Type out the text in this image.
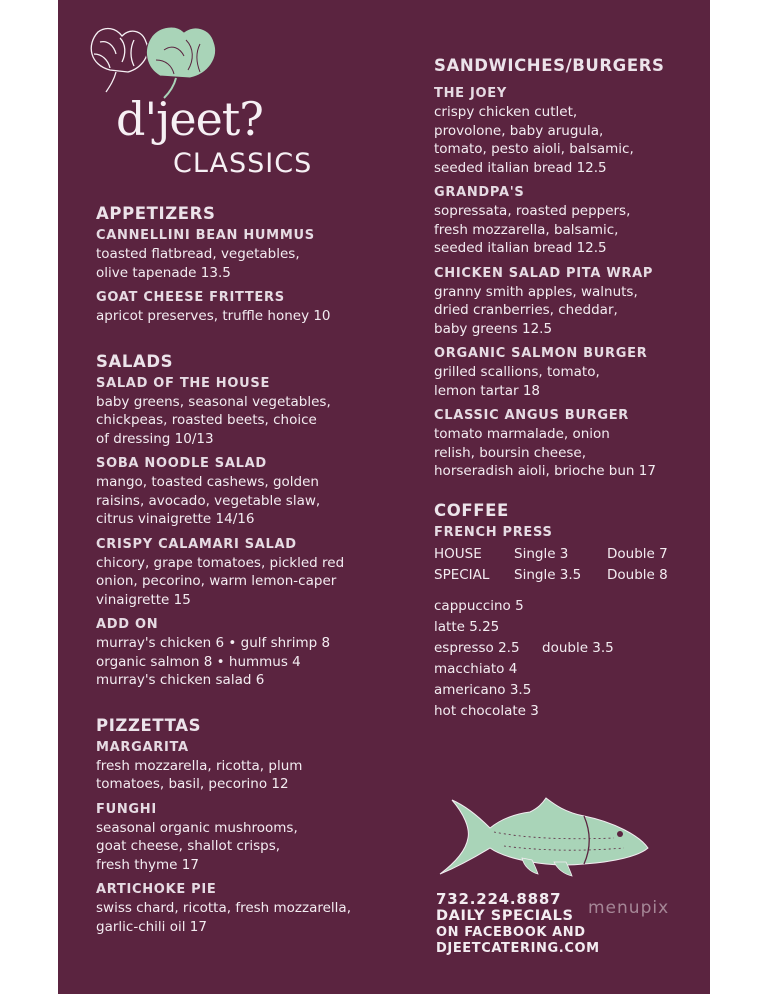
d'jeet?
CLASSICS
APPETIZERS

CANNELLINI BEAN HUMMUS

toasted flatbread, vegetables,
olive tapenade 13.5

GOAT CHEESE FRITTERS

apricot preserves, truffle honey 10

SALADS

SALAD OF THE HOUSE

baby greens, seasonal vegetables,
chickpeas, roasted beets, choice
of dressing 10/13

SOBA NOODLE SALAD

mango, toasted cashews, golden
raisins, avocado, vegetable slaw,
citrus vinaigrette 14/16

CRISPY CALAMARI SALAD

chicory, grape tomatoes, pickled red
onion, pecorino, warm lemon-caper
vinaigrette 15

ADD ON

murray's chicken 6 • gulf shrimp 8
organic salmon 8 • hummus 4
murray's chicken salad 6

PIZZETTAS

MARGARITA

fresh mozzarella, ricotta, plum
tomatoes, basil, pecorino 12

FUNGHI

seasonal organic mushrooms,
goat cheese, shallot crisps,
fresh thyme 17

ARTICHOKE PIE

swiss chard, ricotta, fresh mozzarella,
garlic-chili oil 17

SANDWICHES/BURGERS

THE JOEY

crispy chicken cutlet,
provolone, baby arugula,
tomato, pesto aioli, balsamic,
seeded italian bread 12.5

GRANDPA'S

sopressata, roasted peppers,
fresh mozzarella, balsamic,
seeded italian bread 12.5

CHICKEN SALAD PITA WRAP

granny smith apples, walnuts,
dried cranberries, cheddar,
baby greens 12.5

ORGANIC SALMON BURGER

grilled scallions, tomato,
lemon tartar 18

CLASSIC ANGUS BURGER

tomato marmalade, onion
relish, boursin cheese,
horseradish aioli, brioche bun 17

COFFEE

FRENCH PRESS

HOUSE Single 3	Double 7
SPECIAL Single 3.5 Double 8
cappuccino 5
latte 5.25
espresso 2.5 double 3.5
macchiato 4
americano 3.5
hot chocolate 3

732.224.8887

DAILY SPECIALS

ON FACEBOOK AND

DJEETCATERING.COM

menupix
